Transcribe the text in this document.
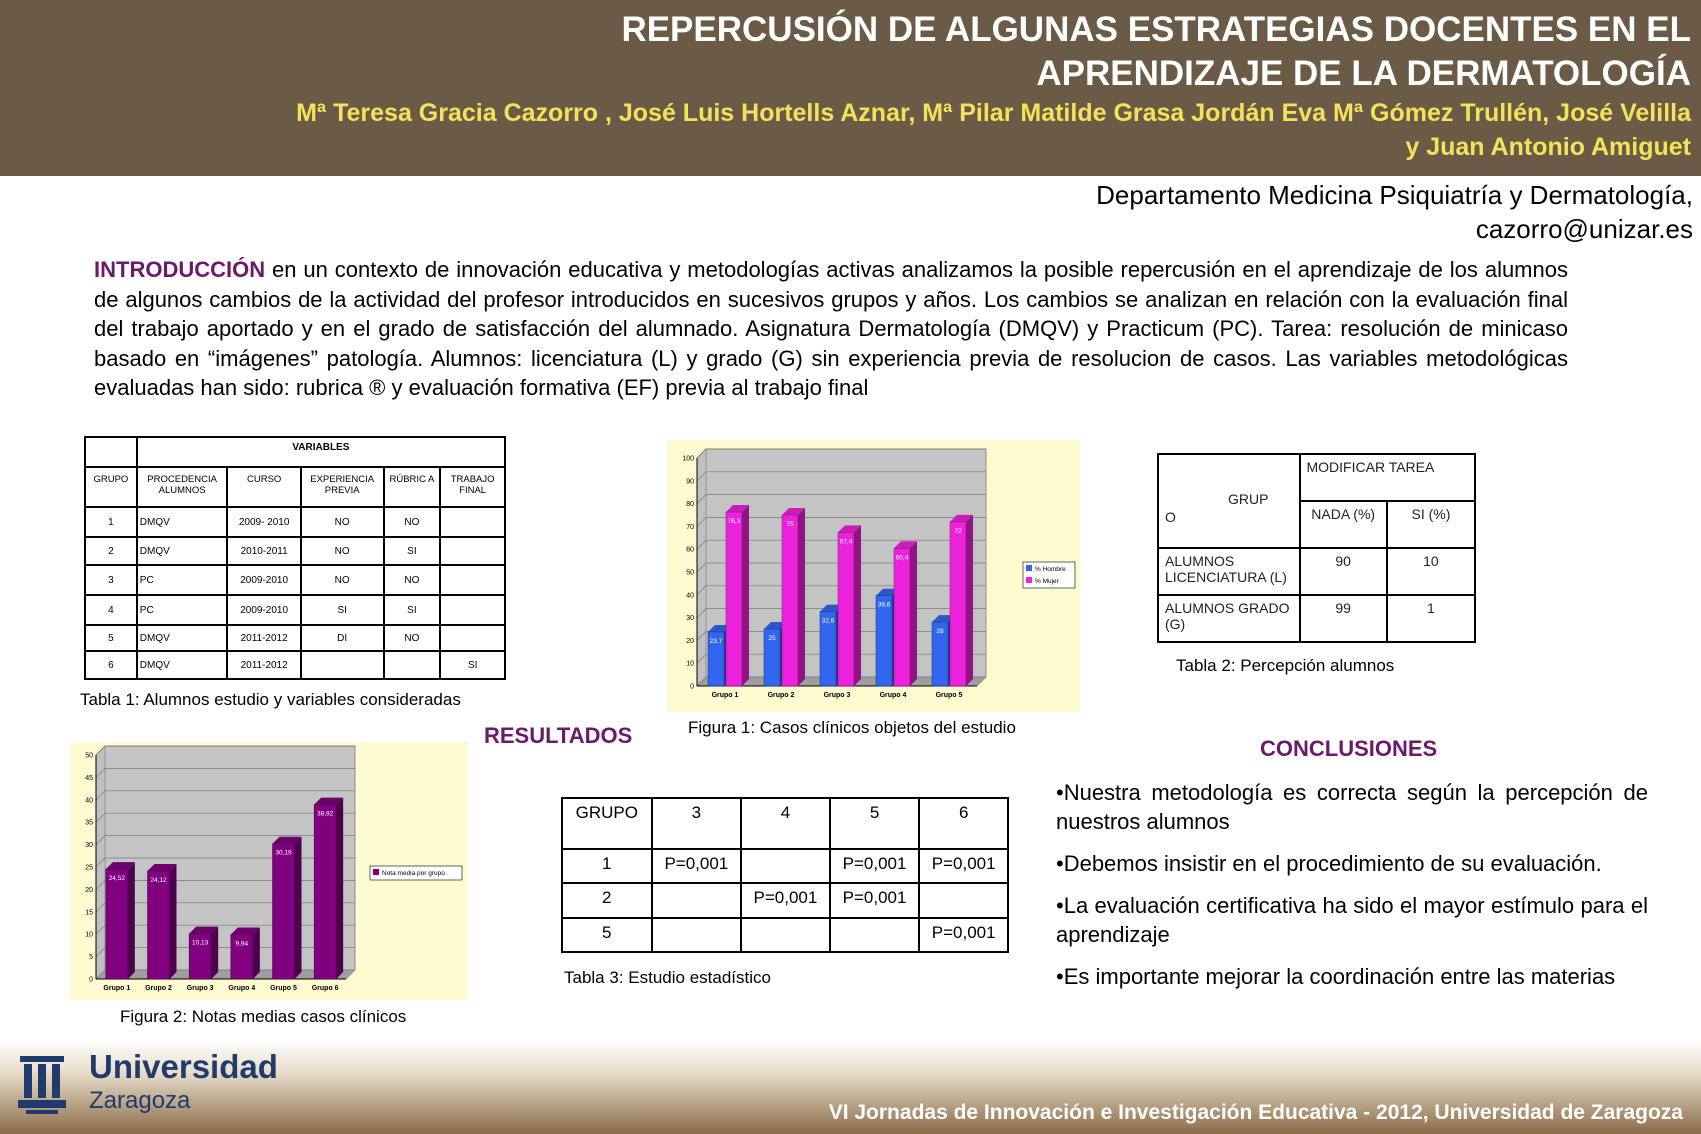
REPERCUSIÓN DE ALGUNAS ESTRATEGIAS DOCENTES EN EL
APRENDIZAJE DE LA DERMATOLOGÍA
Mª Teresa Gracia Cazorro , José Luis Hortells Aznar, Mª Pilar Matilde Grasa Jordán Eva Mª Gómez Trullén, José Velilla
y Juan Antonio Amiguet
Departamento Medicina Psiquiatría y Dermatología,
cazorro@unizar.es
INTRODUCCIÓN en un contexto de innovación educativa y metodologías activas analizamos la posible repercusión en el aprendizaje de los alumnos de algunos cambios de la actividad del profesor introducidos en sucesivos grupos y años. Los cambios se analizan en relación con la evaluación final del trabajo aportado y en el grado de satisfacción del alumnado. Asignatura Dermatología (DMQV) y Practicum (PC). Tarea: resolución de minicaso basado en “imágenes” patología. Alumnos: licenciatura (L) y grado (G) sin experiencia previa de resolucion de casos. Las variables metodológicas evaluadas han sido: rubrica ® y evaluación formativa (EF) previa al trabajo final
	VARIABLES				
GRUPO	PROCEDENCIA ALUMNOS	CURSO	EXPERIENCIA PREVIA	RÚBRIC A	TRABAJO FINAL
1	DMQV	2009- 2010	NO	NO	
2	DMQV	2010-2011	NO	SI	
3	PC	2009-2010	NO	NO	
4	PC	2009-2010	SI	SI	
5	DMQV	2011-2012	DI	NO	
6	DMQV	2011-2012			SI
Tabla 1: Alumnos estudio y variables consideradas
0
10
20
30
40
50
60
70
80
90
100
Grupo 1
23,7
76,3
Grupo 2
25
75
Grupo 3
32,6
67,4
Grupo 4
39,6
60,4
Grupo 5
28
72
% Hombre
% Mujer
Figura 1: Casos clínicos objetos del estudio
RESULTADOS
0
5
10
15
20
25
30
35
40
45
50
Grupo 1
24,52
Grupo 2
24,12
Grupo 3
10,13
Grupo 4
9,94
Grupo 5
30,19
Grupo 6
38,92
Nota media por grupo
Figura 2: Notas medias casos clínicos
GRUP
O	MODIFICAR TAREA	
	NADA (%)	SI (%)
ALUMNOS LICENCIATURA (L)	90	10
ALUMNOS GRADO (G)	99	1
Tabla 2: Percepción alumnos
GRUPO	3	4	5	6
1	P=0,001		P=0,001	P=0,001
2		P=0,001	P=0,001	
5				P=0,001
Tabla 3: Estudio estadístico
CONCLUSIONES

•Nuestra metodología es correcta según la percepción de nuestros alumnos

•Debemos insistir en el procedimiento de su evaluación.

•La evaluación certificativa ha sido el mayor estímulo para el aprendizaje

•Es importante mejorar la coordinación entre las materias

Universidad
Zaragoza	VI Jornadas de Innovación e Investigación Educativa - 2012, Universidad de Zaragoza
